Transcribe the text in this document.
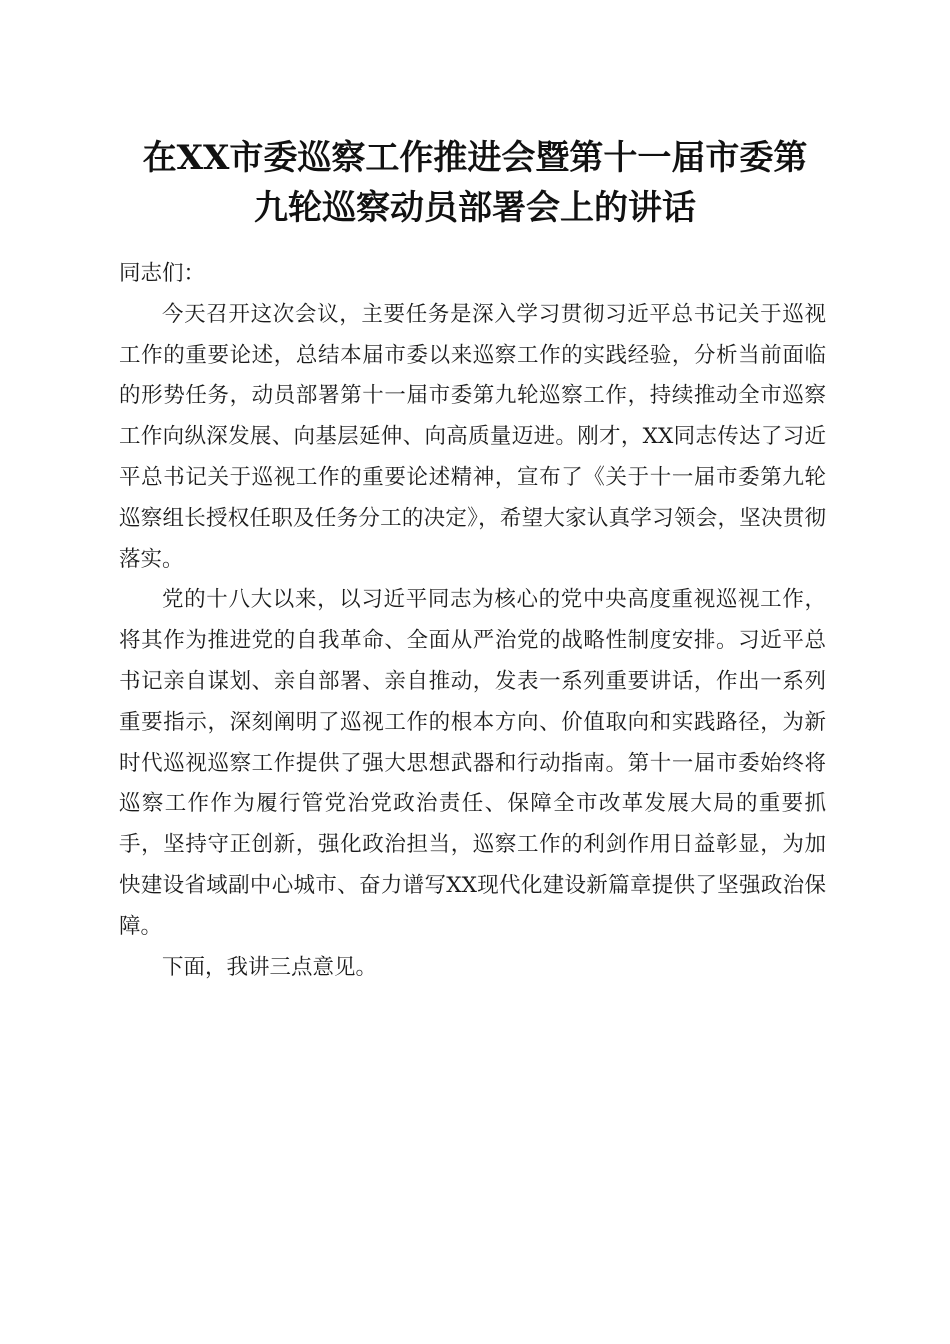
在XX市委巡察工作推进会暨第十一届市委第
九轮巡察动员部署会上的讲话

同志们：

今天召开这次会议，主要任务是深入学习贯彻习近平总书记关于巡视工作的重要论述，总结本届市委以来巡察工作的实践经验，分析当前面临的形势任务，动员部署第十一届市委第九轮巡察工作，持续推动全市巡察工作向纵深发展、向基层延伸、向高质量迈进。刚才，XX同志传达了习近平总书记关于巡视工作的重要论述精神，宣布了《关于十一届市委第九轮巡察组长授权任职及任务分工的决定》，希望大家认真学习领会，坚决贯彻落实。

党的十八大以来，以习近平同志为核心的党中央高度重视巡视工作，将其作为推进党的自我革命、全面从严治党的战略性制度安排。习近平总书记亲自谋划、亲自部署、亲自推动，发表一系列重要讲话，作出一系列重要指示，深刻阐明了巡视工作的根本方向、价值取向和实践路径，为新时代巡视巡察工作提供了强大思想武器和行动指南。第十一届市委始终将巡察工作作为履行管党治党政治责任、保障全市改革发展大局的重要抓手，坚持守正创新，强化政治担当，巡察工作的利剑作用日益彰显，为加快建设省域副中心城市、奋力谱写XX现代化建设新篇章提供了坚强政治保障。

下面，我讲三点意见。
